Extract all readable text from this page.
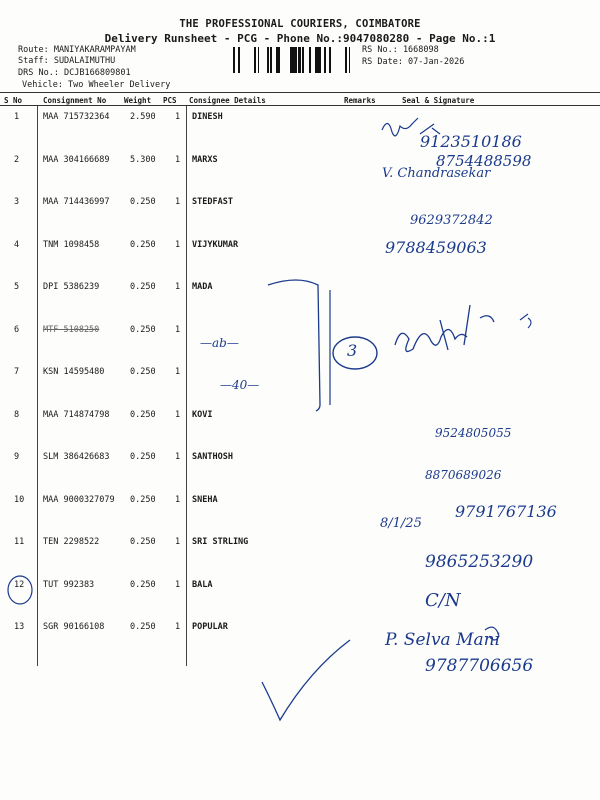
THE PROFESSIONAL COURIERS, COIMBATORE
Delivery Runsheet - PCG - Phone No.:9047080280 - Page No.:1
Route: MANIYAKARAMPAYAM
Staff: SUDALAIMUTHU
DRS No.: DCJB166809801
Vehicle: Two Wheeler Delivery
RS No.: 1668098
RS Date: 07-Jan-2026
S No	Consignment No Weight PCS Consignee Details	Remarks	Seal & Signature
1	MAA 715732364 2.590 1 DINESH
2	MAA 304166689 5.300 1 MARXS
3	MAA 714436997 0.250 1 STEDFAST
4	TNM 1098458	0.250 1 VIJYKUMAR
5	DPI 5386239	0.250 1 MADA
6	MTF 5108250	0.250 1
7	KSN 14595480	0.250 1
8	MAA 714874798 0.250 1 KOVI
9	SLM 386426683 0.250 1 SANTHOSH
10 MAA 9000327079 0.250 1 SNEHA
11 TEN 2298522	0.250 1 SRI STRLING
12 TUT 992383	0.250 1 BALA
13 SGR 90166108	0.250 1 POPULAR
9123510186
8754488598
V. Chandrasekar
9629372842
9788459063
3
—ab—
—40—
9524805055
8870689026
9791767136
8/1/25
9865253290
C/N
P. Selva Mani
9787706656
